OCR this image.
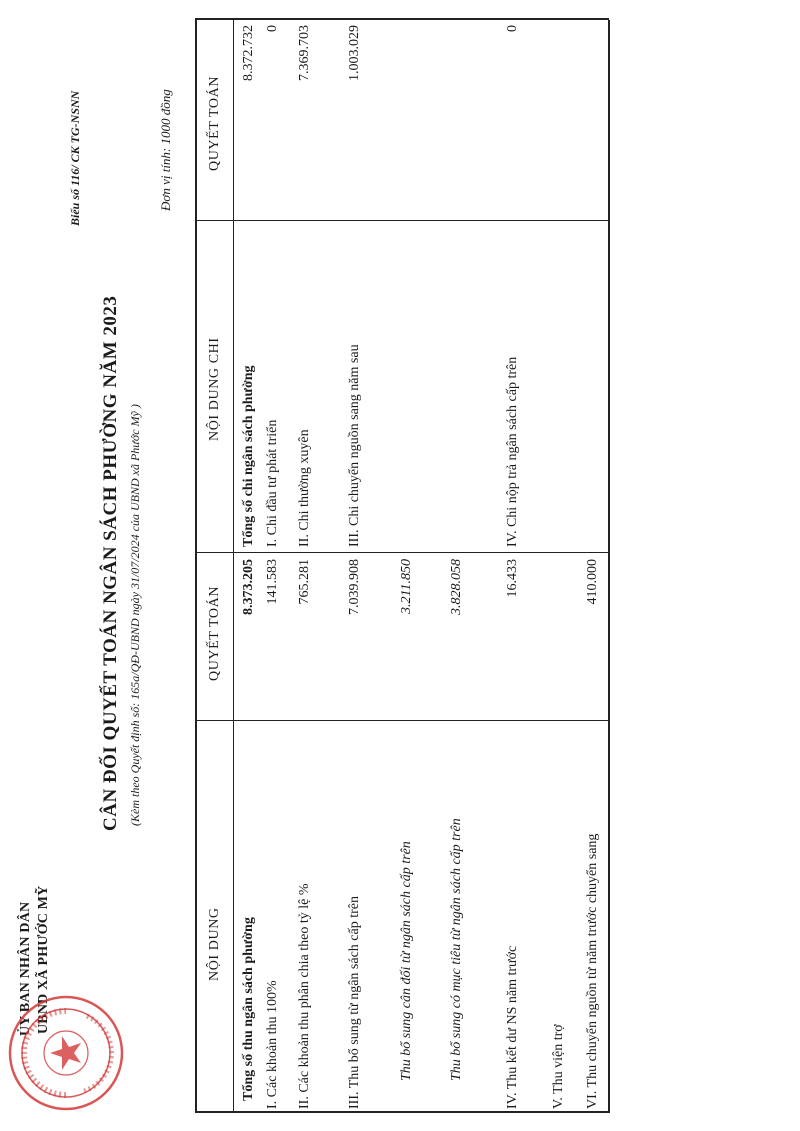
ỦY BAN NHÂN DÂN UBND XÃ PHƯỚC MỸ
Biểu số 116/ CK TG-NSNN
CÂN ĐỐI QUYẾT TOÁN NGÂN SÁCH PHƯỜNG NĂM 2023 (Kèm theo Quyết định số: 165a/QĐ-UBND ngày 31/07/2024 của UBND xã Phước Mỹ )
Đơn vị tính: 1000 đồng
NỘI DUNG
QUYẾT TOÁN
NỘI DUNG CHI
QUYẾT TOÁN
Tổng số thu ngân sách phường
8.373.205
Tổng số chi ngân sách phường
8.372.732
I. Các khoản thu 100%
141.583
I. Chi đầu tư phát triển
0
II. Các khoản thu phân chia theo tỷ lệ %
765.281
II. Chi thường xuyên
7.369.703
III. Thu bổ sung từ ngân sách cấp trên
7.039.908
III. Chi chuyển nguồn sang năm sau
1.003.029
Thu bổ sung cân đối từ ngân sách cấp trên
3.211.850
Thu bổ sung có mục tiêu từ ngân sách cấp trên
3.828.058
IV. Thu kết dư NS năm trước
16.433
IV. Chi nộp trả ngân sách cấp trên
0
V. Thu viện trợ VI. Thu chuyển nguồn từ năm trước chuyển sang
410.000
